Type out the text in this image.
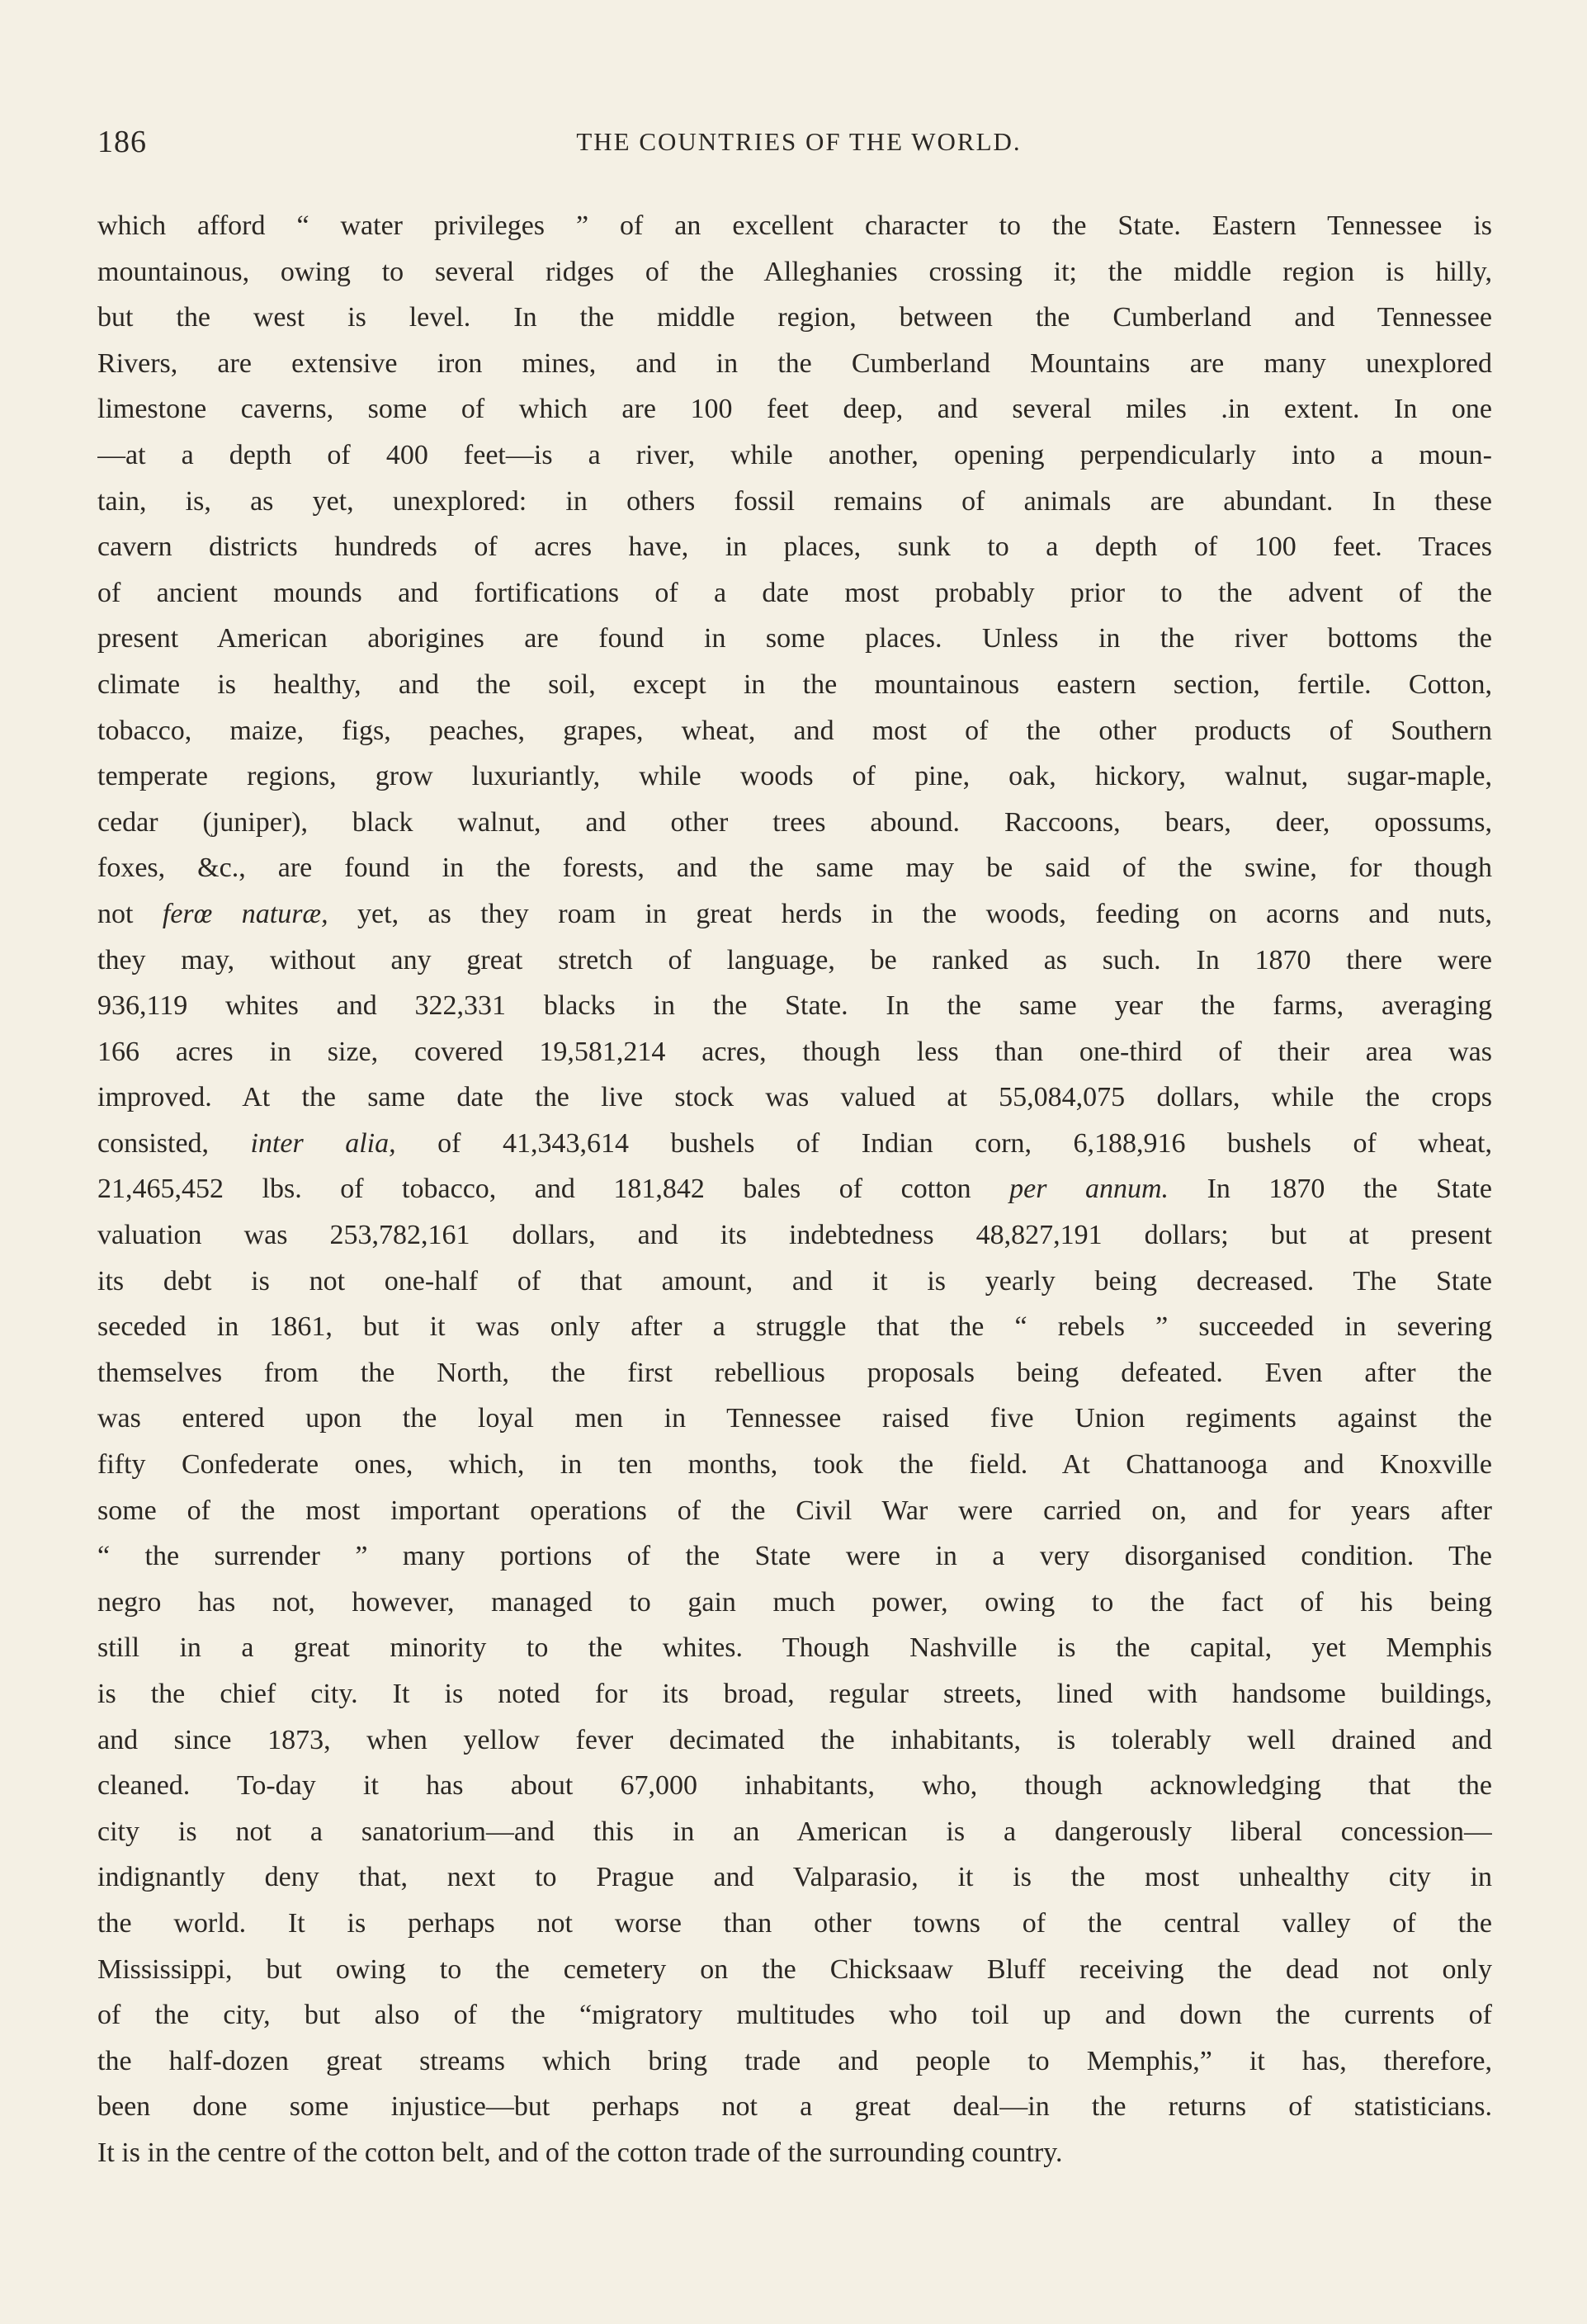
186	THE COUNTRIES OF THE WORLD.
which afford “ water privileges ” of an excellent character to the State. Eastern Tennessee is
mountainous, owing to several ridges of the Alleghanies crossing it; the middle region is hilly,
but the west is level. In the middle region, between the Cumberland and Tennessee
Rivers, are extensive iron mines, and in the Cumberland Mountains are many unexplored
limestone caverns, some of which are 100 feet deep, and several miles .in extent. In one
—at a depth of 400 feet—is a river, while another, opening perpendicularly into a moun-
tain, is, as yet, unexplored: in others fossil remains of animals are abundant. In these
cavern districts hundreds of acres have, in places, sunk to a depth of 100 feet. Traces
of ancient mounds and fortifications of a date most probably prior to the advent of the
present American aborigines are found in some places. Unless in the river bottoms the
climate is healthy, and the soil, except in the mountainous eastern section, fertile. Cotton,
tobacco, maize, figs, peaches, grapes, wheat, and most of the other products of Southern
temperate regions, grow luxuriantly, while woods of pine, oak, hickory, walnut, sugar-maple,
cedar (juniper), black walnut, and other trees abound. Raccoons, bears, deer, opossums,
foxes, &c., are found in the forests, and the same may be said of the swine, for though
not ferœ naturæ, yet, as they roam in great herds in the woods, feeding on acorns and nuts,
they may, without any great stretch of language, be ranked as such. In 1870 there were
936,119 whites and 322,331 blacks in the State. In the same year the farms, averaging
166 acres in size, covered 19,581,214 acres, though less than one-third of their area was
improved. At the same date the live stock was valued at 55,084,075 dollars, while the crops
consisted, inter alia, of 41,343,614 bushels of Indian corn, 6,188,916 bushels of wheat,
21,465,452 lbs. of tobacco, and 181,842 bales of cotton per annum. In 1870 the State
valuation was 253,782,161 dollars, and its indebtedness 48,827,191 dollars; but at present
its debt is not one-half of that amount, and it is yearly being decreased. The State
seceded in 1861, but it was only after a struggle that the “ rebels ” succeeded in severing
themselves from the North, the first rebellious proposals being defeated. Even after the
was entered upon the loyal men in Tennessee raised five Union regiments against the
fifty Confederate ones, which, in ten months, took the field. At Chattanooga and Knoxville
some of the most important operations of the Civil War were carried on, and for years after
“ the surrender ” many portions of the State were in a very disorganised condition. The
negro has not, however, managed to gain much power, owing to the fact of his being
still in a great minority to the whites. Though Nashville is the capital, yet Memphis
is the chief city. It is noted for its broad, regular streets, lined with handsome buildings,
and since 1873, when yellow fever decimated the inhabitants, is tolerably well drained and
cleaned. To-day it has about 67,000 inhabitants, who, though acknowledging that the
city is not a sanatorium—and this in an American is a dangerously liberal concession—
indignantly deny that, next to Prague and Valparasio, it is the most unhealthy city in
the world. It is perhaps not worse than other towns of the central valley of the
Mississippi, but owing to the cemetery on the Chicksaaw Bluff receiving the dead not only
of the city, but also of the “migratory multitudes who toil up and down the currents of
the half-dozen great streams which bring trade and people to Memphis,” it has, therefore,
been done some injustice—but perhaps not a great deal—in the returns of statisticians.
It is in the centre of the cotton belt, and of the cotton trade of the surrounding country.
